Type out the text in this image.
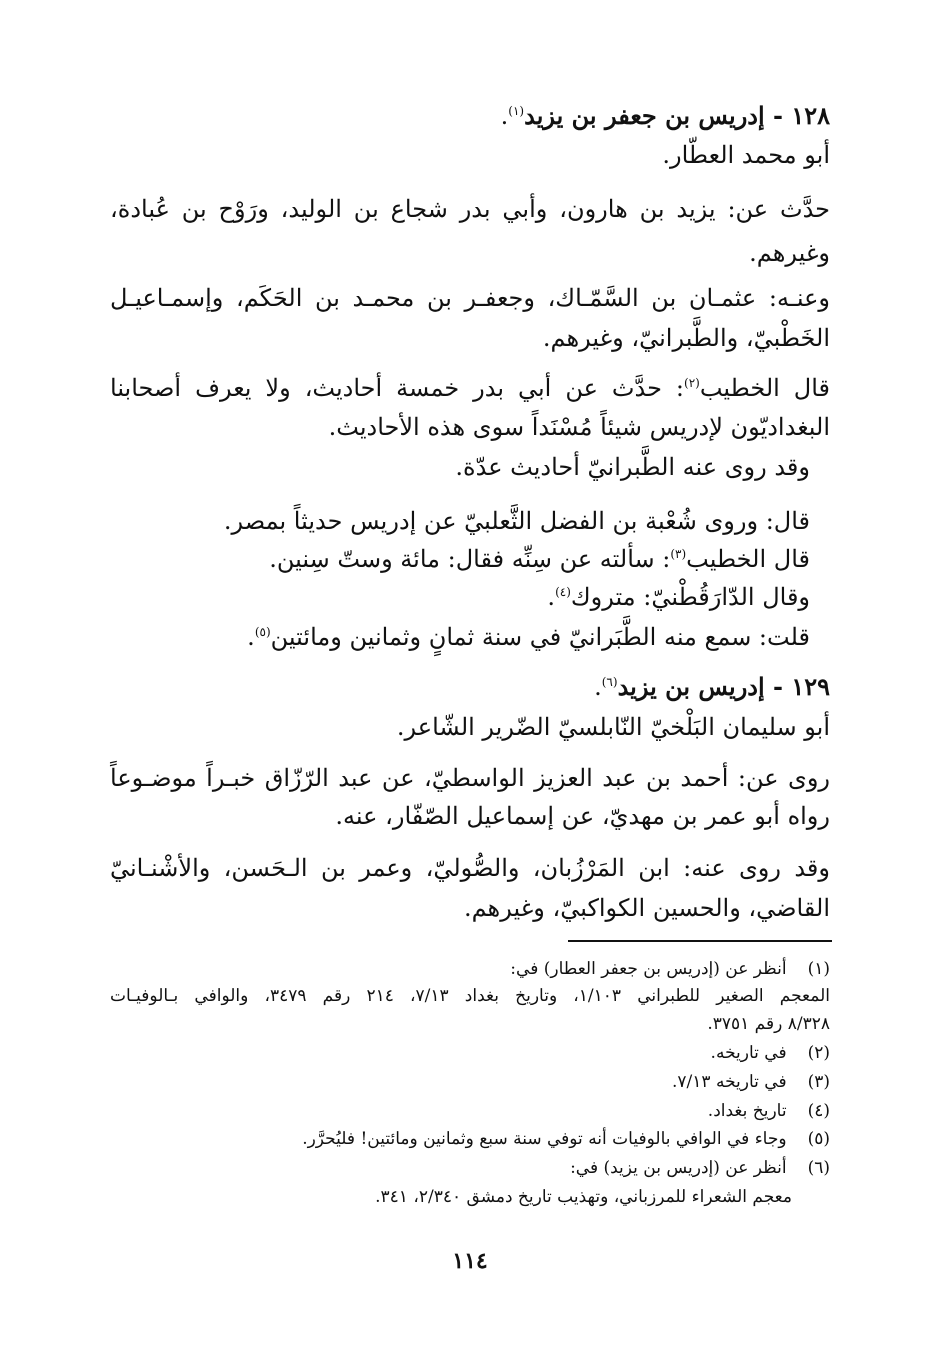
١٢٨ - إدريس بن جعفر بن يزيد$^{(١)}$.
أبو محمد العطّار.
حدَّث عن: يزيد بن هارون، وأبي بدر شجاع بن الوليد، ورَوْح بن عُبادة،
وغيرهم.
وعنـه: عثمـان بن السَّمّـاك، وجعفـر بن محمـد بن الحَكَم، وإسمـاعيـل
الخَطْبيّ، والطَّبرانيّ، وغيرهم.
قال الخطيب$^{(٢)}$: حدَّث عن أبي بدر خمسة أحاديث، ولا يعرف أصحابنا
البغداديّون لإدريس شيئاً مُسْنَداً سوى هذه الأحاديث.
وقد روى عنه الطَّبرانيّ أحاديث عدّة.
قال: وروى شُعْبة بن الفضل الثَّعلبيّ عن إدريس حديثاً بمصر.
قال الخطيب$^{(٣)}$: سألته عن سِنِّه فقال: مائة وستّ سِنين.
وقال الدّارَقُطْنيّ: متروك$^{(٤)}$.
قلت: سمع منه الطَّبَرانيّ في سنة ثمانٍ وثمانين ومائتين$^{(٥)}$.
١٢٩ - إدريس بن يزيد$^{(٦)}$.
أبو سليمان البَلْخيّ النّابلسيّ الضّرير الشّاعر.
روى عن: أحمد بن عبد العزيز الواسطيّ، عن عبد الرّزّاق خبـراً موضـوعاً
رواه أبو عمر بن مهديّ، عن إسماعيل الصّفّار، عنه.
وقد روى عنه: ابن المَرْزُبان، والصُّوليّ، وعمر بن الـحَسن، والأشْنـانيّ
القاضي، والحسين الكواكبيّ، وغيرهم.
(١) أنظر عن (إدريس بن جعفر العطار) في:
المعجم الصغير للطبراني ١/١٠٣، وتاريخ بغداد ٧/١٣، ٢١٤ رقم ٣٤٧٩، والوافي بـالوفيـات
٨/٣٢٨ رقم ٣٧٥١.
(٢) في تاريخه.
(٣) في تاريخه ٧/١٣.
(٤) تاريخ بغداد.
(٥) وجاء في الوافي بالوفيات أنه توفي سنة سبع وثمانين ومائتين! فليُحرَّر.
(٦) أنظر عن (إدريس بن يزيد) في:
معجم الشعراء للمرزباني، وتهذيب تاريخ دمشق ٢/٣٤٠، ٣٤١.
١١٤
